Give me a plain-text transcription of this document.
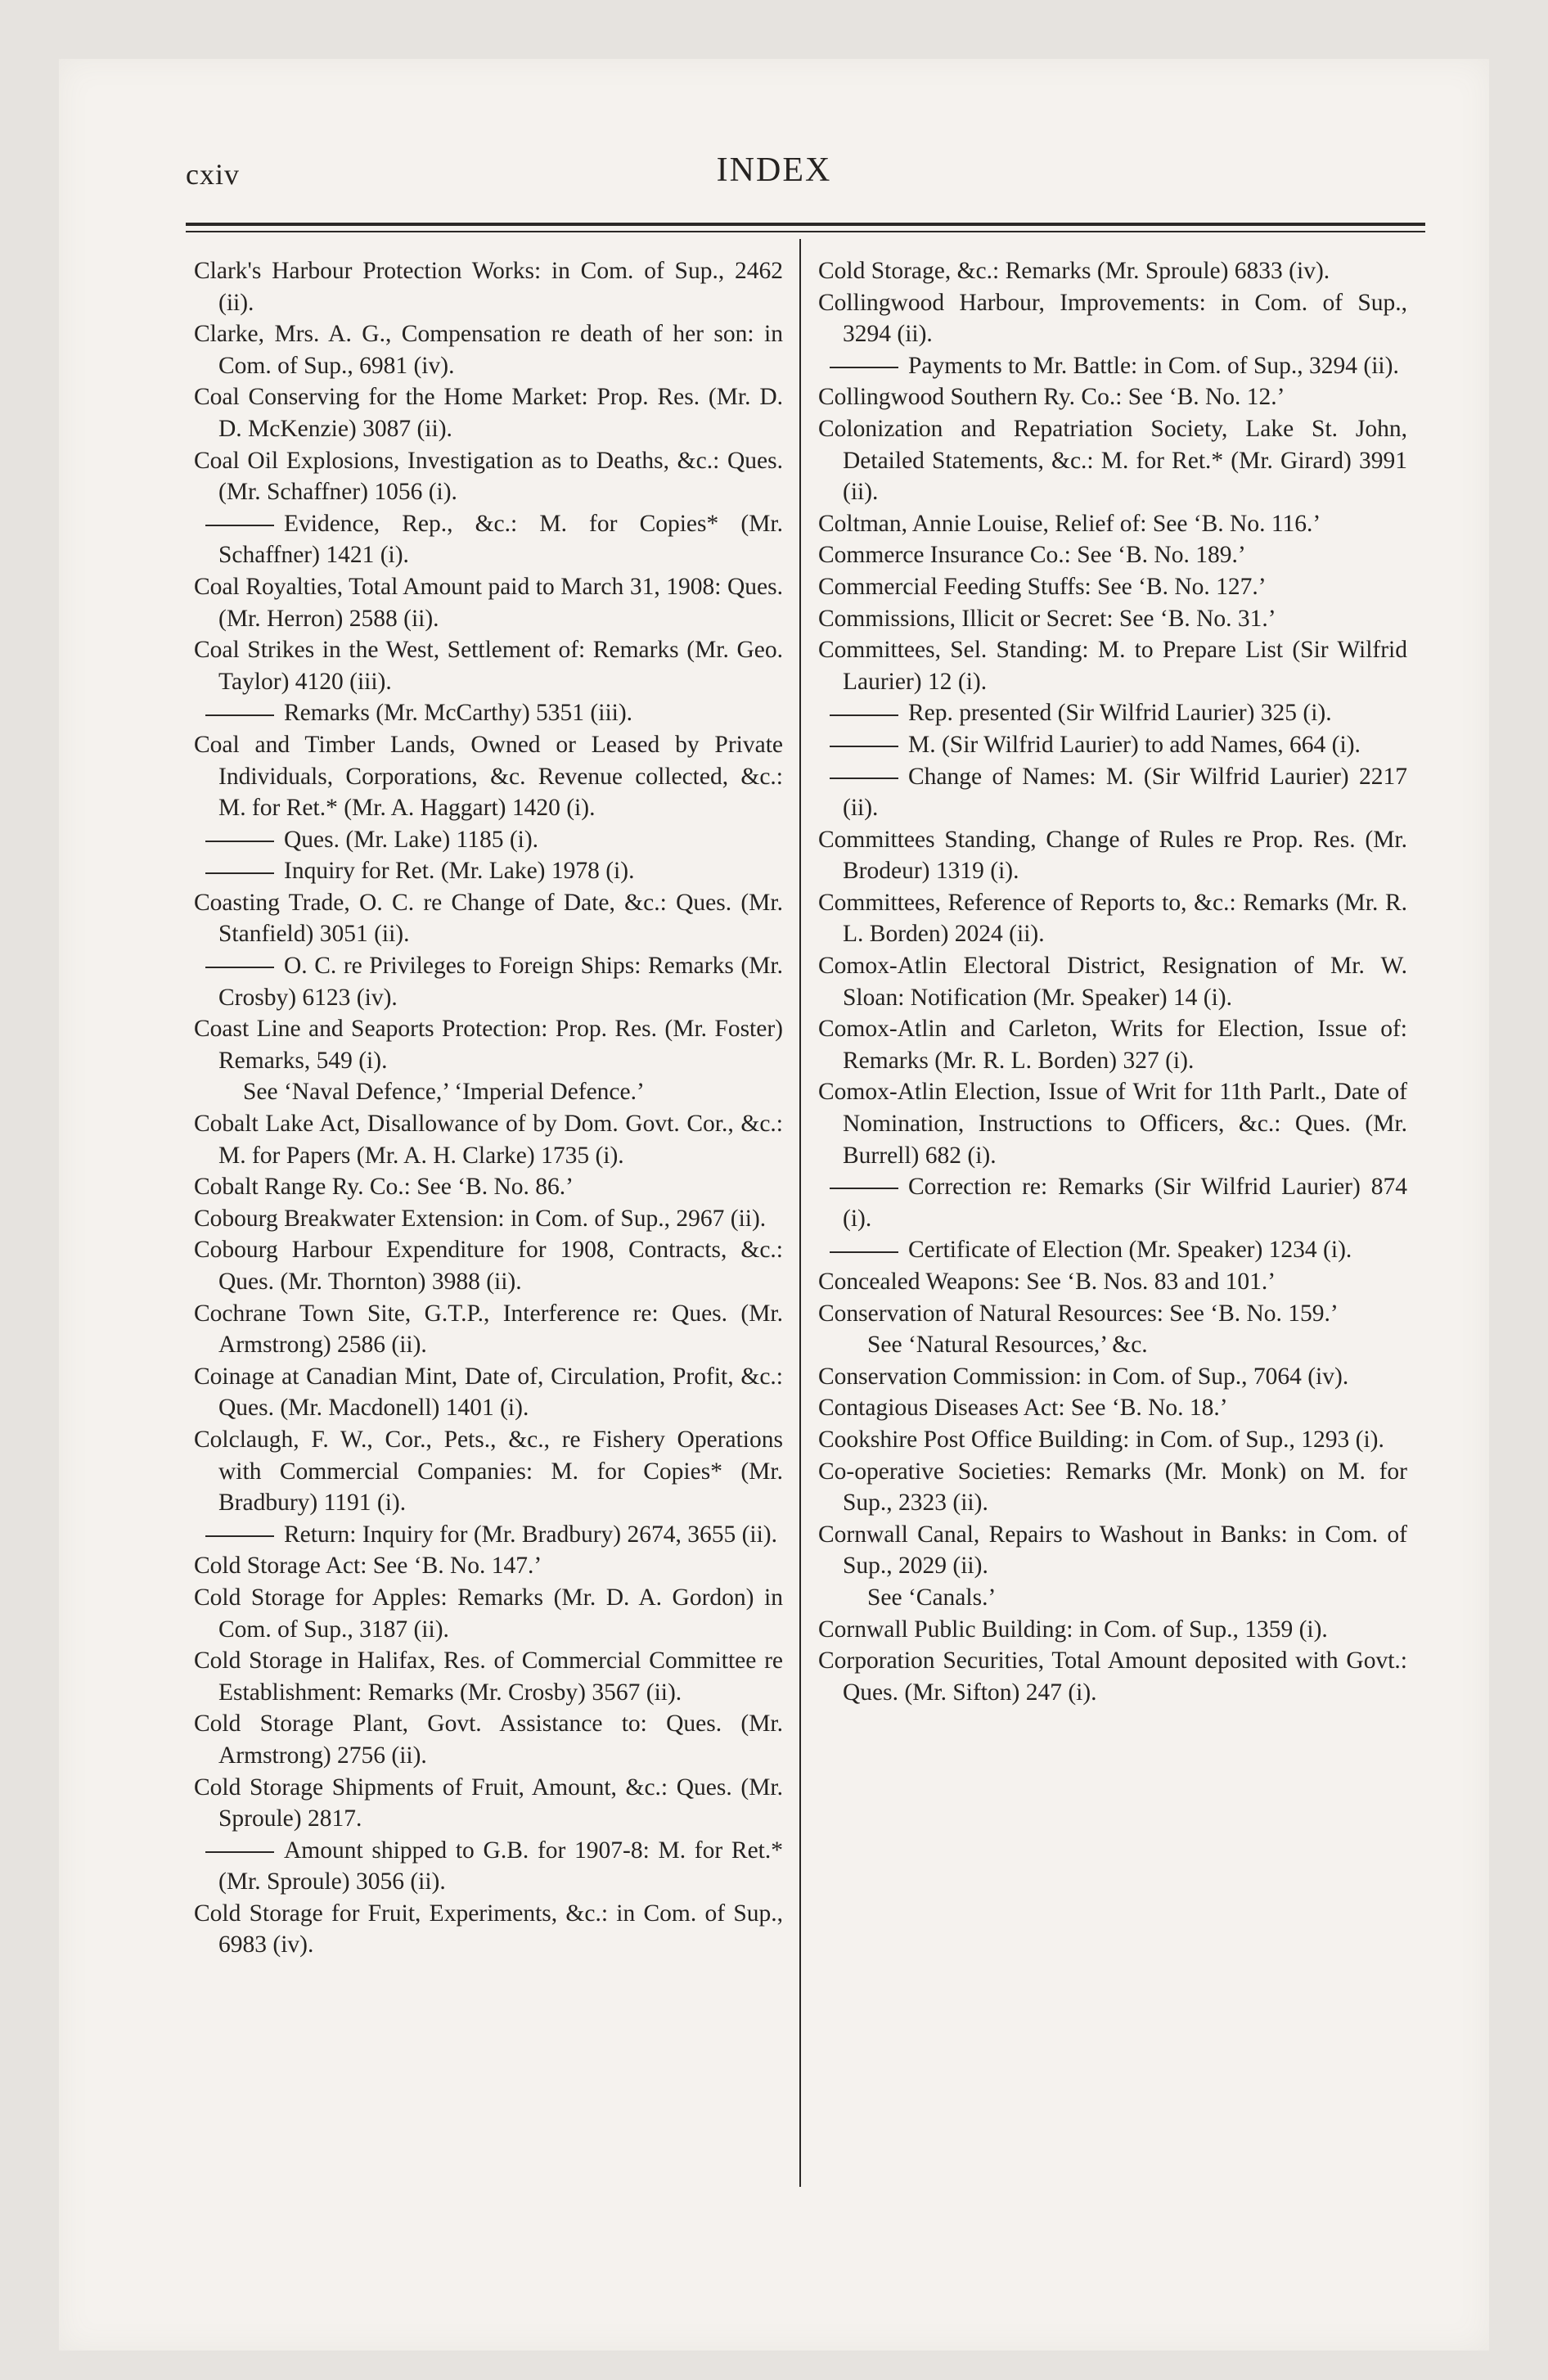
cxiv	INDEX

Clark's Harbour Protection Works: in Com. of Sup., 2462 (ii).

Clarke, Mrs. A. G., Compensation re death of her son: in Com. of Sup., 6981 (iv).

Coal Conserving for the Home Market: Prop. Res. (Mr. D. D. McKenzie) 3087 (ii).

Coal Oil Explosions, Investigation as to Deaths, &c.: Ques. (Mr. Schaffner) 1056 (i).

Evidence, Rep., &c.: M. for Copies* (Mr. Schaffner) 1421 (i).

Coal Royalties, Total Amount paid to March 31, 1908: Ques. (Mr. Herron) 2588 (ii).

Coal Strikes in the West, Settlement of: Remarks (Mr. Geo. Taylor) 4120 (iii).

Remarks (Mr. McCarthy) 5351 (iii).

Coal and Timber Lands, Owned or Leased by Private Individuals, Corporations, &c. Revenue collected, &c.: M. for Ret.* (Mr. A. Haggart) 1420 (i).

Ques. (Mr. Lake) 1185 (i).

Inquiry for Ret. (Mr. Lake) 1978 (i).

Coasting Trade, O. C. re Change of Date, &c.: Ques. (Mr. Stanfield) 3051 (ii).

O. C. re Privileges to Foreign Ships: Remarks (Mr. Crosby) 6123 (iv).

Coast Line and Seaports Protection: Prop. Res. (Mr. Foster) Remarks, 549 (i).

See ‘Naval Defence,’ ‘Imperial Defence.’

Cobalt Lake Act, Disallowance of by Dom. Govt. Cor., &c.: M. for Papers (Mr. A. H. Clarke) 1735 (i).

Cobalt Range Ry. Co.: See ‘B. No. 86.’

Cobourg Breakwater Extension: in Com. of Sup., 2967 (ii).

Cobourg Harbour Expenditure for 1908, Contracts, &c.: Ques. (Mr. Thornton) 3988 (ii).

Cochrane Town Site, G.T.P., Interference re: Ques. (Mr. Armstrong) 2586 (ii).

Coinage at Canadian Mint, Date of, Circulation, Profit, &c.: Ques. (Mr. Macdonell) 1401 (i).

Colclaugh, F. W., Cor., Pets., &c., re Fishery Operations with Commercial Companies: M. for Copies* (Mr. Bradbury) 1191 (i).

Return: Inquiry for (Mr. Bradbury) 2674, 3655 (ii).

Cold Storage Act: See ‘B. No. 147.’

Cold Storage for Apples: Remarks (Mr. D. A. Gordon) in Com. of Sup., 3187 (ii).

Cold Storage in Halifax, Res. of Commercial Committee re Establishment: Remarks (Mr. Crosby) 3567 (ii).

Cold Storage Plant, Govt. Assistance to: Ques. (Mr. Armstrong) 2756 (ii).

Cold Storage Shipments of Fruit, Amount, &c.: Ques. (Mr. Sproule) 2817.

Amount shipped to G.B. for 1907-8: M. for Ret.* (Mr. Sproule) 3056 (ii).

Cold Storage for Fruit, Experiments, &c.: in Com. of Sup., 6983 (iv).

Cold Storage, &c.: Remarks (Mr. Sproule) 6833 (iv).

Collingwood Harbour, Improvements: in Com. of Sup., 3294 (ii).

Payments to Mr. Battle: in Com. of Sup., 3294 (ii).

Collingwood Southern Ry. Co.: See ‘B. No. 12.’

Colonization and Repatriation Society, Lake St. John, Detailed Statements, &c.: M. for Ret.* (Mr. Girard) 3991 (ii).

Coltman, Annie Louise, Relief of: See ‘B. No. 116.’

Commerce Insurance Co.: See ‘B. No. 189.’

Commercial Feeding Stuffs: See ‘B. No. 127.’

Commissions, Illicit or Secret: See ‘B. No. 31.’

Committees, Sel. Standing: M. to Prepare List (Sir Wilfrid Laurier) 12 (i).

Rep. presented (Sir Wilfrid Laurier) 325 (i).

M. (Sir Wilfrid Laurier) to add Names, 664 (i).

Change of Names: M. (Sir Wilfrid Laurier) 2217 (ii).

Committees Standing, Change of Rules re Prop. Res. (Mr. Brodeur) 1319 (i).

Committees, Reference of Reports to, &c.: Remarks (Mr. R. L. Borden) 2024 (ii).

Comox-Atlin Electoral District, Resignation of Mr. W. Sloan: Notification (Mr. Speaker) 14 (i).

Comox-Atlin and Carleton, Writs for Election, Issue of: Remarks (Mr. R. L. Borden) 327 (i).

Comox-Atlin Election, Issue of Writ for 11th Parlt., Date of Nomination, Instructions to Officers, &c.: Ques. (Mr. Burrell) 682 (i).

Correction re: Remarks (Sir Wilfrid Laurier) 874 (i).

Certificate of Election (Mr. Speaker) 1234 (i).

Concealed Weapons: See ‘B. Nos. 83 and 101.’

Conservation of Natural Resources: See ‘B. No. 159.’

See ‘Natural Resources,’ &c.

Conservation Commission: in Com. of Sup., 7064 (iv).

Contagious Diseases Act: See ‘B. No. 18.’

Cookshire Post Office Building: in Com. of Sup., 1293 (i).

Co-operative Societies: Remarks (Mr. Monk) on M. for Sup., 2323 (ii).

Cornwall Canal, Repairs to Washout in Banks: in Com. of Sup., 2029 (ii).

See ‘Canals.’

Cornwall Public Building: in Com. of Sup., 1359 (i).

Corporation Securities, Total Amount deposited with Govt.: Ques. (Mr. Sifton) 247 (i).
